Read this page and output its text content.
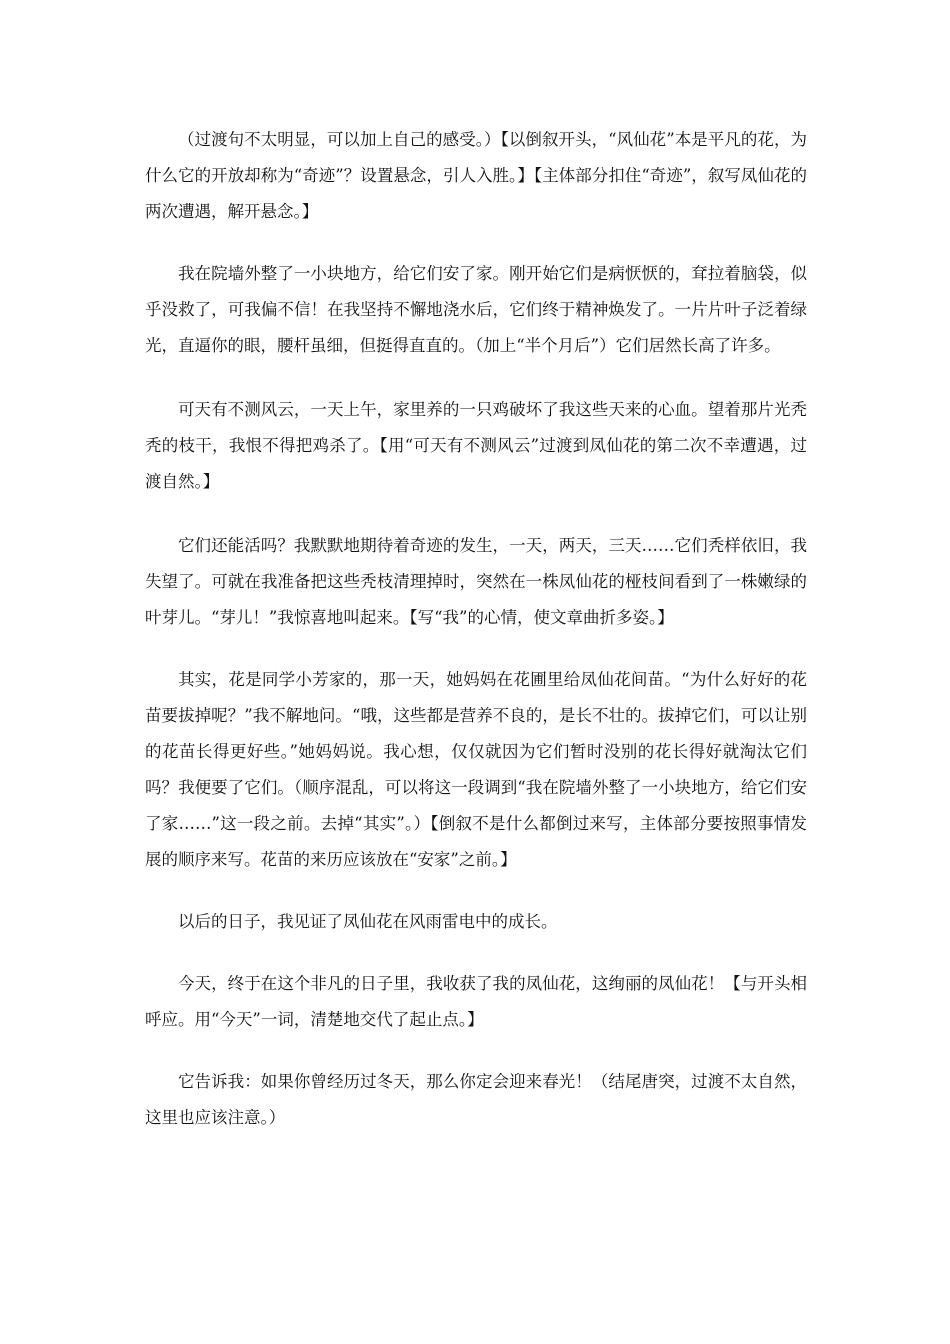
（过渡句不太明显，可以加上自己的感受。）【以倒叙开头，“风仙花”本是平凡的花，为什么它的开放却称为“奇迹”？设置悬念，引人入胜。】【主体部分扣住“奇迹”，叙写凤仙花的两次遭遇，解开悬念。】

我在院墙外整了一小块地方，给它们安了家。刚开始它们是病恹恹的，耷拉着脑袋，似乎没救了，可我偏不信！在我坚持不懈地浇水后，它们终于精神焕发了。一片片叶子泛着绿光，直逼你的眼，腰杆虽细，但挺得直直的。（加上“半个月后”）它们居然长高了许多。

可天有不测风云，一天上午，家里养的一只鸡破坏了我这些天来的心血。望着那片光秃秃的枝干，我恨不得把鸡杀了。【用“可天有不测风云”过渡到凤仙花的第二次不幸遭遇，过渡自然。】

它们还能活吗？我默默地期待着奇迹的发生，一天，两天，三天……它们秃样依旧，我失望了。可就在我准备把这些秃枝清理掉时，突然在一株凤仙花的桠枝间看到了一株嫩绿的叶芽儿。“芽儿！”我惊喜地叫起来。【写“我”的心情，使文章曲折多姿。】

其实，花是同学小芳家的，那一天，她妈妈在花圃里给凤仙花间苗。“为什么好好的花苗要拔掉呢？”我不解地问。“哦，这些都是营养不良的，是长不壮的。拔掉它们，可以让别的花苗长得更好些。”她妈妈说。我心想，仅仅就因为它们暂时没别的花长得好就淘汰它们吗？我便要了它们。（顺序混乱，可以将这一段调到“我在院墙外整了一小块地方，给它们安了家……”这一段之前。去掉“其实”。）【倒叙不是什么都倒过来写，主体部分要按照事情发展的顺序来写。花苗的来历应该放在“安家”之前。】

以后的日子，我见证了凤仙花在风雨雷电中的成长。

今天，终于在这个非凡的日子里，我收获了我的凤仙花，这绚丽的凤仙花！【与开头相呼应。用“今天”一词，清楚地交代了起止点。】

它告诉我：如果你曾经历过冬天，那么你定会迎来春光！（结尾唐突，过渡不太自然，这里也应该注意。）
